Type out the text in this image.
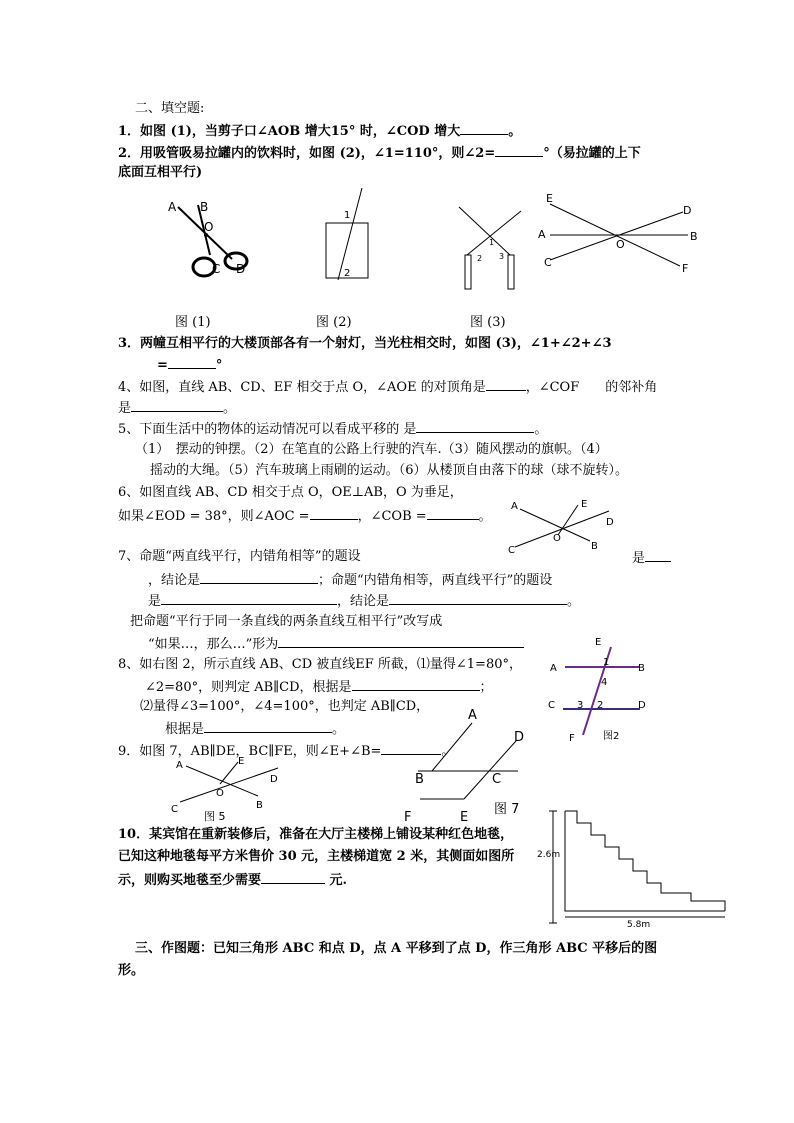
二、填空题:
1．如图 (1)，当剪子口∠AOB 增大15° 时，∠COD 增大	。
2．用吸管吸易拉罐内的饮料时，如图 (2)，∠1=110°，则∠2=	°（易拉罐的上下
底面互相平行)
A B
O
C D
1
2
1
2 3
E
D
A	B
C	F
O
图 (1)	图 (2)	图 (3)
3．两幢互相平行的大楼顶部各有一个射灯，当光柱相交时，如图 (3)，∠1+∠2+∠3
=	°
4、如图，直线 AB、CD、EF 相交于点 O，∠AOE 的对顶角是	，∠COF　　 的邻补角
是	。
5、下面生活中的物体的运动情况可以看成平移的 是	。
（1）　摆动的钟摆。（2）在笔直的公路上行驶的汽车.（3）随风摆动的旗帜。（4）
摇动的大绳。（5）汽车玻璃上雨刷的运动。（6）从楼顶自由落下的球（球不旋转）。
6、如图直线 AB、CD 相交于点 O，OE⊥AB，O 为垂足，
如果∠EOD = 38°，则∠AOC =	，∠COB =	。
A	E
D
C
O
B
7、命题“两直线平行，内错角相等”的题设	是
，结论是	；命题“内错角相等，两直线平行”的题设
是	，结论是	。
把命题“平行于同一条直线的两条直线互相平行”改写成
“如果…，那么…”形为
8、如右图 2，所示直线 AB、CD 被直线EF 所截，⑴量得∠1=80°，
∠2=80°，则判定 AB∥CD，根据是	；
⑵量得∠3=100°，∠4=100°，也判定 AB∥CD，
根据是	。
E
A	B
1
4
C 3 2	D
F	图2
A
D
B	C
F	E
图 7
9．如图 7，AB∥DE，BC∥FE，则∠E+∠B=	。
A	E
D
C
O
B
图 5
10．某宾馆在重新装修后，准备在大厅主楼梯上铺设某种红色地毯，
已知这种地毯每平方米售价 30 元，主楼梯道宽 2 米，其侧面如图所
示，则购买地毯至少需要	元.
2.6m
5.8m
三、作图题：已知三角形 ABC 和点 D，点 A 平移到了点 D，作三角形 ABC 平移后的图
形。
